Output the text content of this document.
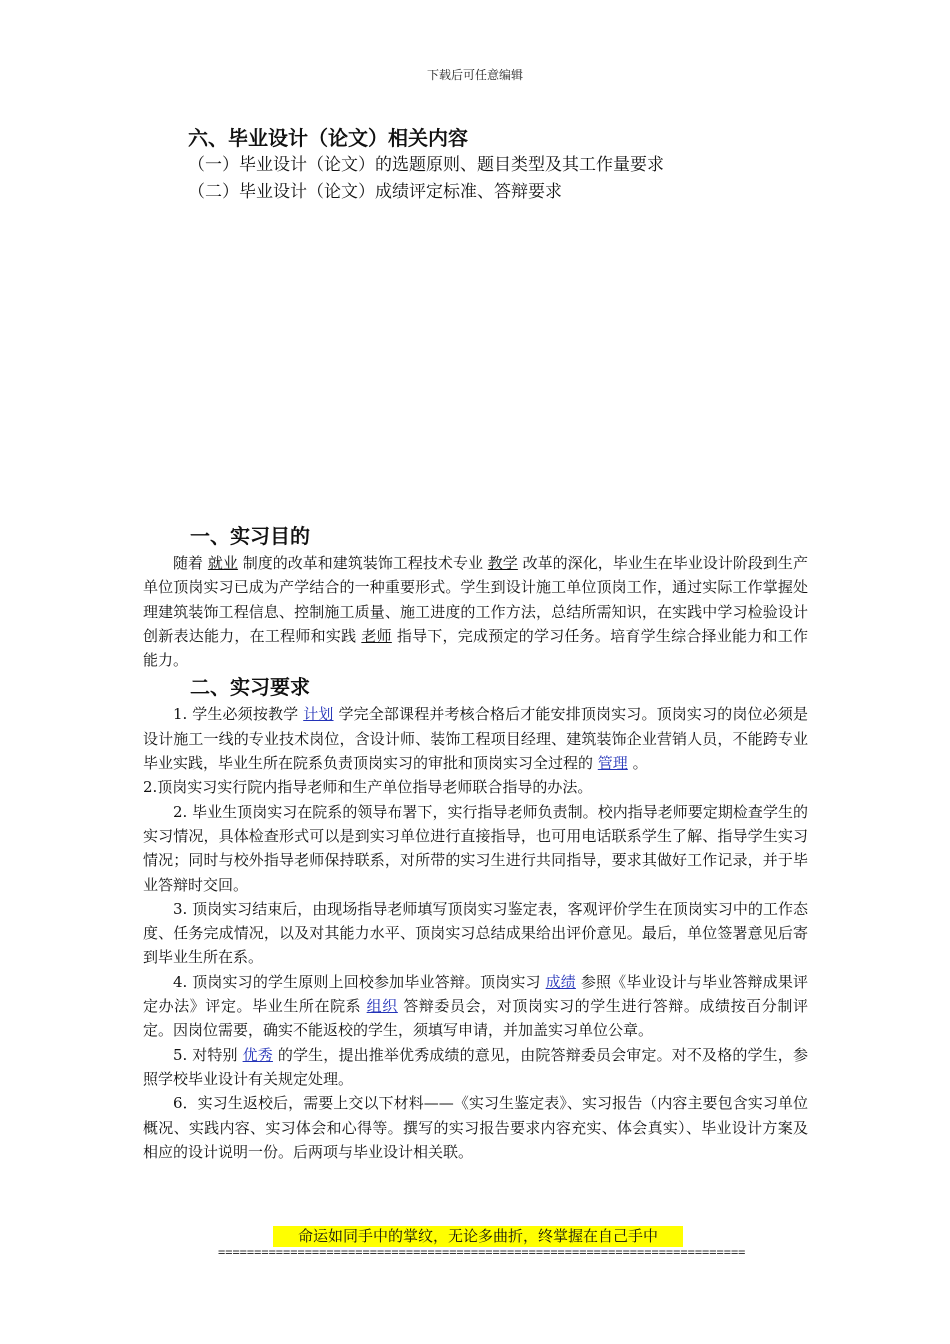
下载后可任意编辑
六、毕业设计（论文）相关内容
（一）毕业设计（论文）的选题原则、题目类型及其工作量要求
（二）毕业设计（论文）成绩评定标准、答辩要求
一、实习目的

随着 就业 制度的改革和建筑装饰工程技术专业 教学 改革的深化，毕业生在毕业设计阶段到生产单位顶岗实习已成为产学结合的一种重要形式。学生到设计施工单位顶岗工作，通过实际工作掌握处理建筑装饰工程信息、控制施工质量、施工进度的工作方法，总结所需知识，在实践中学习检验设计创新表达能力，在工程师和实践 老师 指导下，完成预定的学习任务。培育学生综合择业能力和工作能力。

二、实习要求

1. 学生必须按教学 计划 学完全部课程并考核合格后才能安排顶岗实习。顶岗实习的岗位必须是设计施工一线的专业技术岗位，含设计师、装饰工程项目经理、建筑装饰企业营销人员，不能跨专业毕业实践，毕业生所在院系负责顶岗实习的审批和顶岗实习全过程的 管理 。

2.顶岗实习实行院内指导老师和生产单位指导老师联合指导的办法。

2. 毕业生顶岗实习在院系的领导布署下，实行指导老师负责制。校内指导老师要定期检查学生的实习情况，具体检查形式可以是到实习单位进行直接指导，也可用电话联系学生了解、指导学生实习情况；同时与校外指导老师保持联系，对所带的实习生进行共同指导，要求其做好工作记录，并于毕业答辩时交回。

3. 顶岗实习结束后，由现场指导老师填写顶岗实习鉴定表，客观评价学生在顶岗实习中的工作态度、任务完成情况，以及对其能力水平、顶岗实习总结成果给出评价意见。最后，单位签署意见后寄到毕业生所在系。

4. 顶岗实习的学生原则上回校参加毕业答辩。顶岗实习 成绩 参照《毕业设计与毕业答辩成果评定办法》评定。毕业生所在院系 组织 答辩委员会，对顶岗实习的学生进行答辩。成绩按百分制评定。因岗位需要，确实不能返校的学生，须填写申请，并加盖实习单位公章。

5. 对特别 优秀 的学生，提出推举优秀成绩的意见，由院答辩委员会审定。对不及格的学生，参照学校毕业设计有关规定处理。

6．实习生返校后，需要上交以下材料——《实习生鉴定表》、实习报告（内容主要包含实习单位概况、实践内容、实习体会和心得等。撰写的实习报告要求内容充实、体会真实）、毕业设计方案及相应的设计说明一份。后两项与毕业设计相关联。

命运如同手中的掌纹，无论多曲折，终掌握在自己手中
=========================================================================
